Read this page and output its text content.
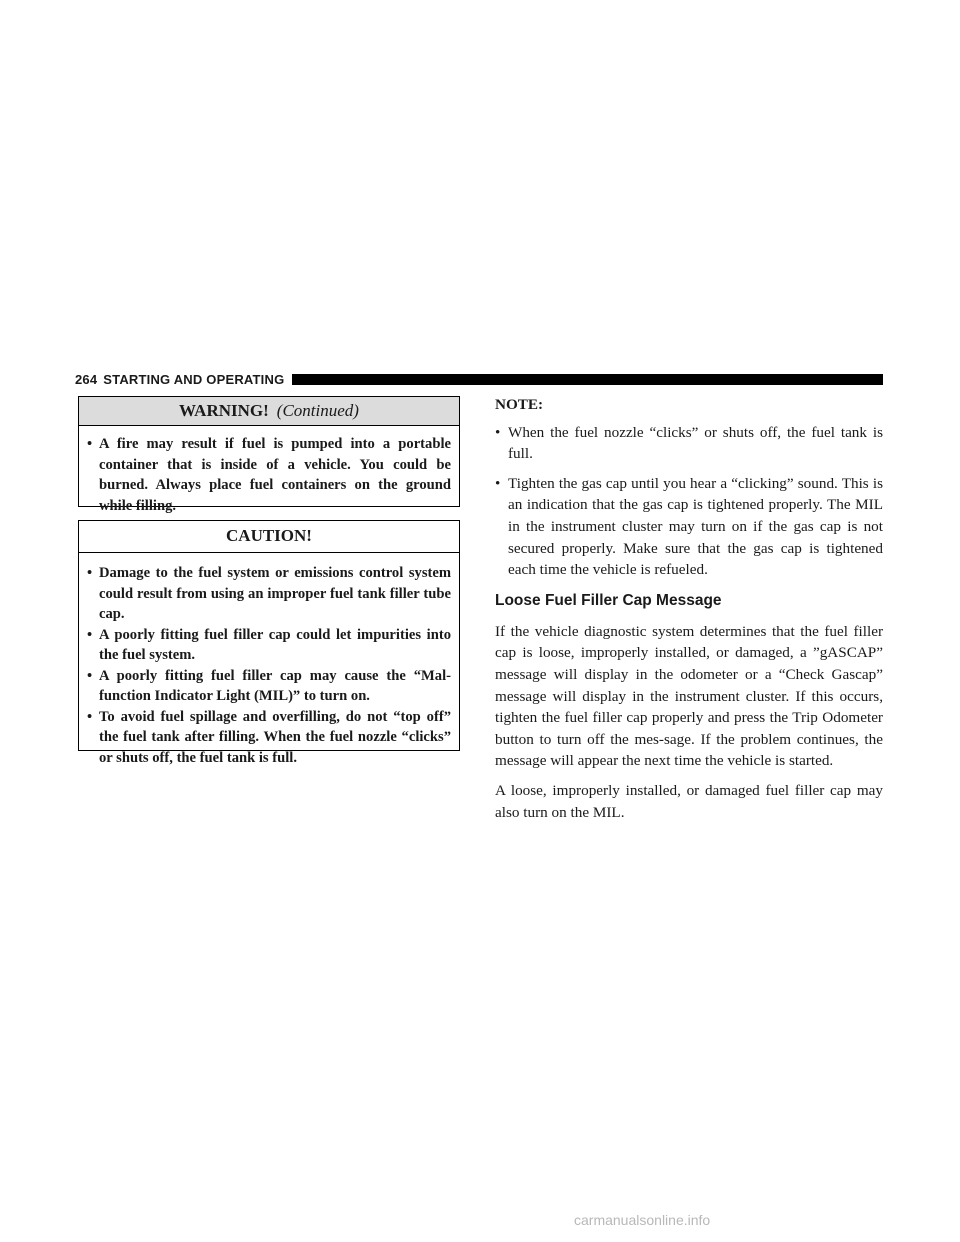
264 STARTING AND OPERATING
WARNING! (Continued)
• A fire may result if fuel is pumped into a portable container that is inside of a vehicle. You could be burned. Always place fuel containers on the ground while filling.
CAUTION!
• Damage to the fuel system or emissions control system could result from using an improper fuel tank filler tube cap.
• A poorly fitting fuel filler cap could let impurities into the fuel system.
• A poorly fitting fuel filler cap may cause the “Mal-function Indicator Light (MIL)” to turn on.
• To avoid fuel spillage and overfilling, do not “top off” the fuel tank after filling. When the fuel nozzle “clicks” or shuts off, the fuel tank is full.
NOTE:
• When the fuel nozzle “clicks” or shuts off, the fuel tank is full.
• Tighten the gas cap until you hear a “clicking” sound. This is an indication that the gas cap is tightened properly. The MIL in the instrument cluster may turn on if the gas cap is not secured properly. Make sure that the gas cap is tightened each time the vehicle is refueled.
Loose Fuel Filler Cap Message

If the vehicle diagnostic system determines that the fuel filler cap is loose, improperly installed, or damaged, a ”gASCAP” message will display in the odometer or a “Check Gascap” message will display in the instrument cluster. If this occurs, tighten the fuel filler cap properly and press the Trip Odometer button to turn off the mes-sage. If the problem continues, the message will appear the next time the vehicle is started.

A loose, improperly installed, or damaged fuel filler cap may also turn on the MIL.

carmanualsonline.info
